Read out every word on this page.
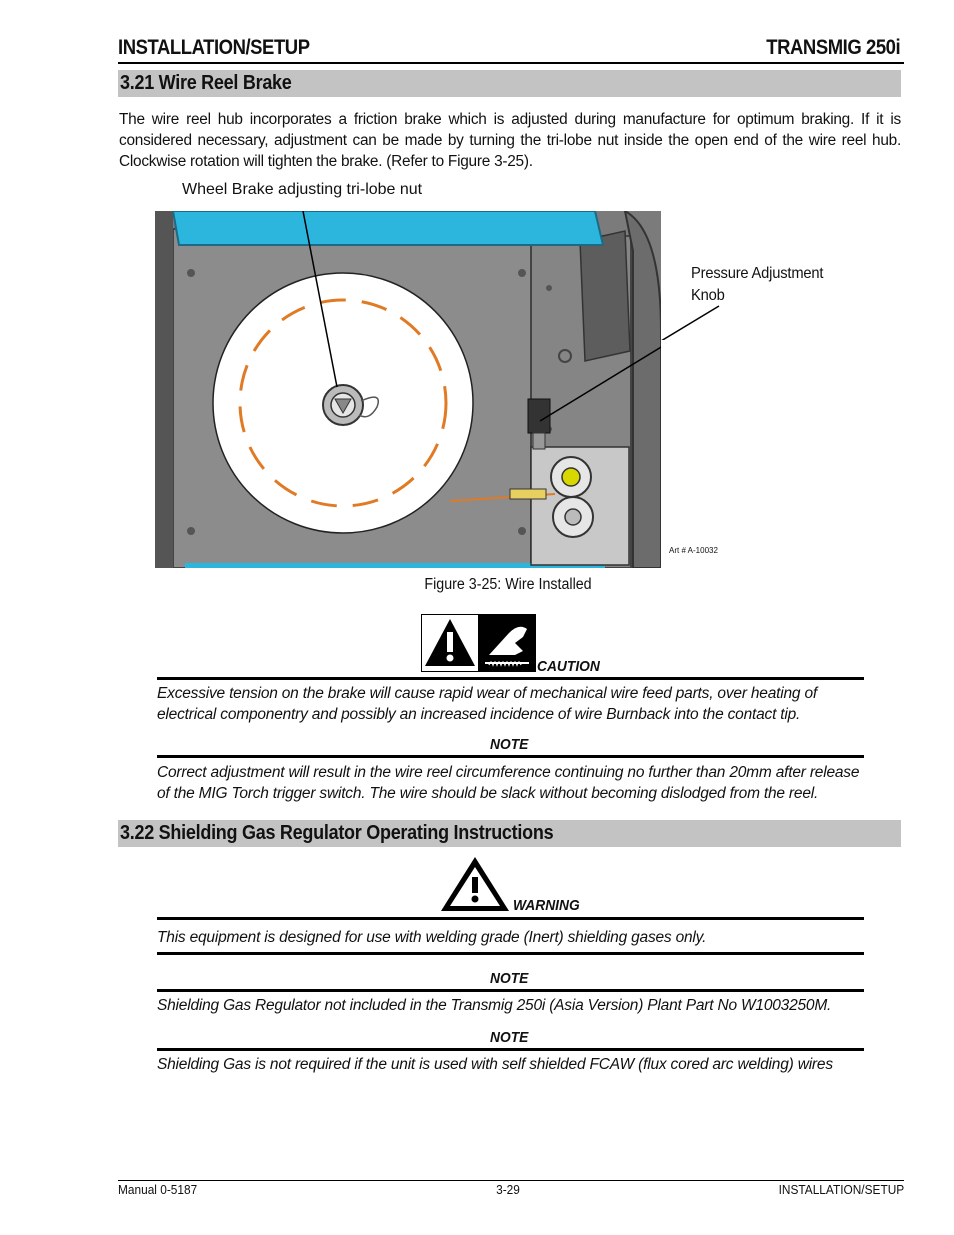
INSTALLATION/SETUP	TRANSMIG 250i
3.21 Wire Reel Brake
The wire reel hub incorporates a friction brake which is adjusted during manufacture for optimum braking. If it is considered necessary, adjustment can be made by turning the tri-lobe nut inside the open end of the wire reel hub. Clockwise rotation will tighten the brake. (Refer to Figure 3-25).
Wheel Brake adjusting tri-lobe nut
Pressure Adjustment
Knob
Art # A-10032
Figure 3-25: Wire Installed
CAUTION
Excessive tension on the brake will cause rapid wear of mechanical wire feed parts, over heating of electrical componentry and possibly an increased incidence of wire Burnback into the contact tip.
NOTE
Correct adjustment will result in the wire reel circumference continuing no further than 20mm after release of the MIG Torch trigger switch. The wire should be slack without becoming dislodged from the reel.
3.22 Shielding Gas Regulator Operating Instructions
WARNING
This equipment is designed for use with welding grade (Inert) shielding gases only.
NOTE
Shielding Gas Regulator not included in the Transmig 250i (Asia Version) Plant Part No W1003250M.
NOTE
Shielding Gas is not required if the unit is used with self shielded FCAW (flux cored arc welding) wires
Manual 0-5187	3-29	INSTALLATION/SETUP
